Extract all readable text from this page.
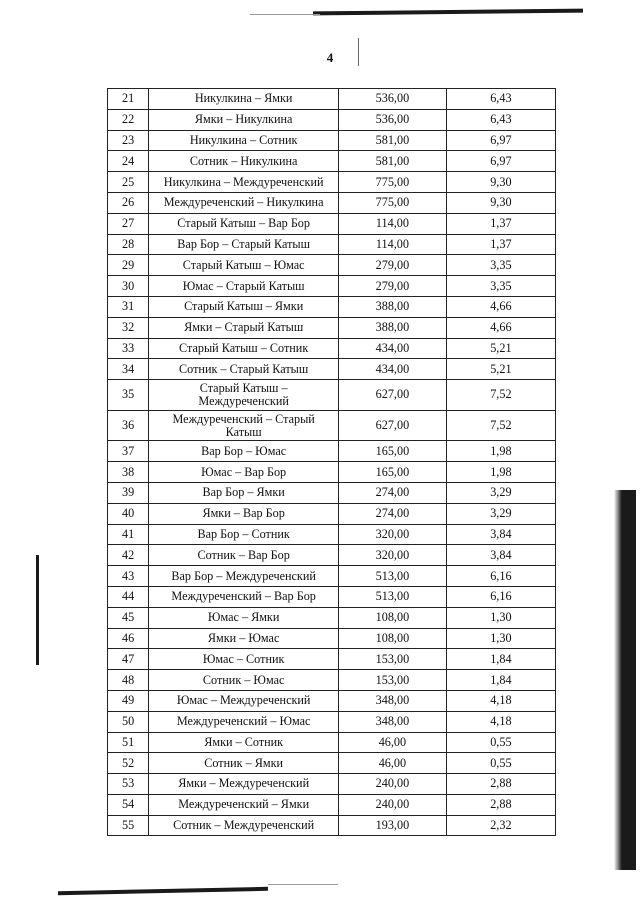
4
21	Никулкина – Ямки	536,00	6,43
22	Ямки – Никулкина	536,00	6,43
23	Никулкина – Сотник	581,00	6,97
24	Сотник – Никулкина	581,00	6,97
25	Никулкина – Междуреченский	775,00	9,30
26	Междуреченский – Никулкина	775,00	9,30
27	Старый Катыш – Вар Бор	114,00	1,37
28	Вар Бор – Старый Катыш	114,00	1,37
29	Старый Катыш – Юмас	279,00	3,35
30	Юмас – Старый Катыш	279,00	3,35
31	Старый Катыш – Ямки	388,00	4,66
32	Ямки – Старый Катыш	388,00	4,66
33	Старый Катыш – Сотник	434,00	5,21
34	Сотник – Старый Катыш	434,00	5,21
35	Старый Катыш –
Междуреченский	627,00	7,52
36	Междуреченский – Старый
Катыш	627,00	7,52
37	Вар Бор – Юмас	165,00	1,98
38	Юмас – Вар Бор	165,00	1,98
39	Вар Бор – Ямки	274,00	3,29
40	Ямки – Вар Бор	274,00	3,29
41	Вар Бор – Сотник	320,00	3,84
42	Сотник – Вар Бор	320,00	3,84
43	Вар Бор – Междуреченский	513,00	6,16
44	Междуреченский – Вар Бор	513,00	6,16
45	Юмас – Ямки	108,00	1,30
46	Ямки – Юмас	108,00	1,30
47	Юмас – Сотник	153,00	1,84
48	Сотник – Юмас	153,00	1,84
49	Юмас – Междуреченский	348,00	4,18
50	Междуреченский – Юмас	348,00	4,18
51	Ямки – Сотник	46,00	0,55
52	Сотник – Ямки	46,00	0,55
53	Ямки – Междуреченский	240,00	2,88
54	Междуреченский – Ямки	240,00	2,88
55	Сотник – Междуреченский	193,00	2,32
